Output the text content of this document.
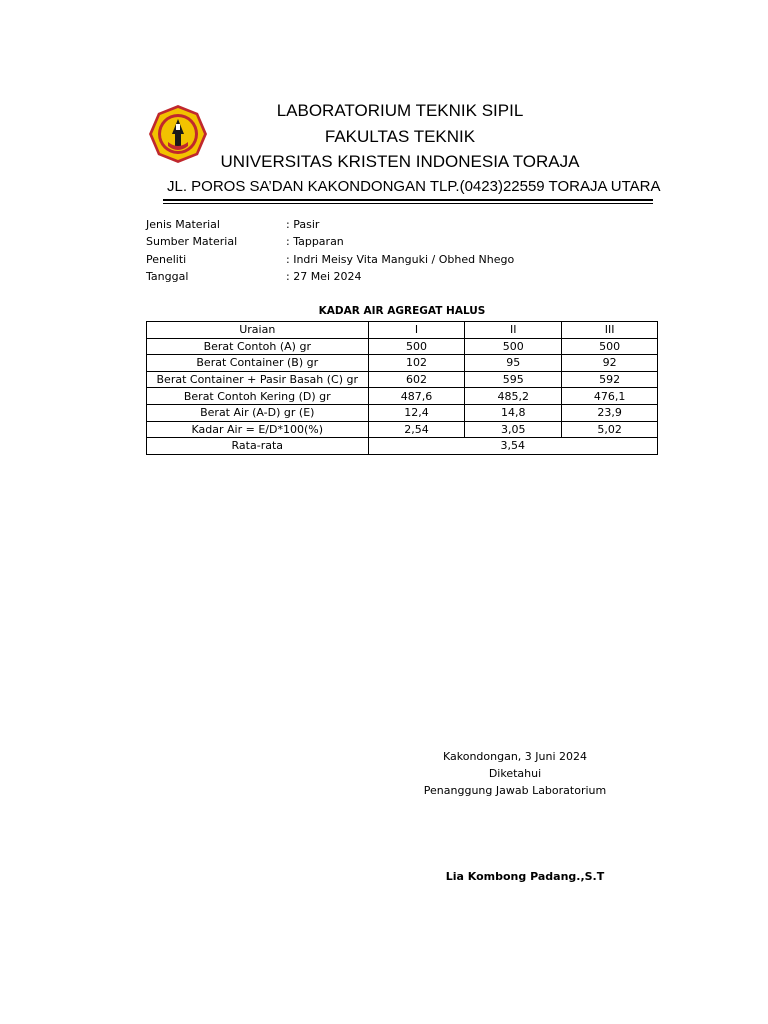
LABORATORIUM TEKNIK SIPIL
FAKULTAS TEKNIK
UNIVERSITAS KRISTEN INDONESIA TORAJA
JL. POROS SA’DAN KAKONDONGAN TLP.(0423)22559 TORAJA UTARA
Jenis Material	: Pasir
Sumber Material	: Tapparan
Peneliti	: Indri Meisy Vita Manguki / Obhed Nhego
Tanggal	: 27 Mei 2024
KADAR AIR AGREGAT HALUS
Uraian	I	II	III
Berat Contoh (A) gr	500	500	500
Berat Container (B) gr	102	95	92
Berat Container + Pasir Basah (C) gr	602	595	592
Berat Contoh Kering (D) gr	487,6	485,2	476,1
Berat Air (A-D) gr (E)	12,4	14,8	23,9
Kadar Air = E/D*100(%)	2,54	3,05	5,02
Rata-rata	3,54		
Kakondongan, 3 Juni 2024
Diketahui
Penanggung Jawab Laboratorium
Lia Kombong Padang.,S.T
